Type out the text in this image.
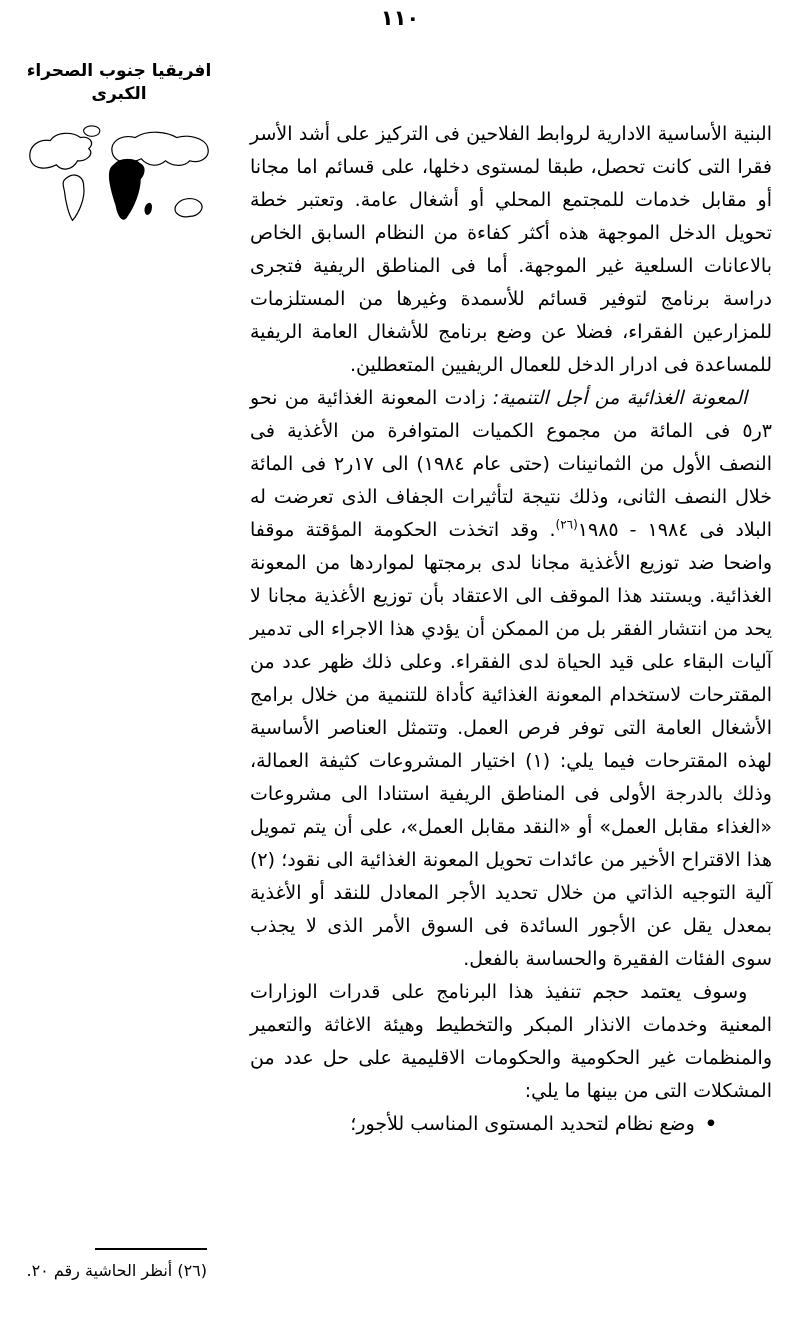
١١٠
افريقيا جنوب الصحراء
الكبرى

البنية الأساسية الادارية لروابط الفلاحين فى التركيز على أشد الأسر فقرا التى كانت تحصل، طبقا لمستوى دخلها، على قسائم اما مجانا أو مقابل خدمات للمجتمع المحلي أو أشغال عامة. وتعتبر خطة تحويل الدخل الموجهة هذه أكثر كفاءة من النظام السابق الخاص بالاعانات السلعية غير الموجهة. أما فى المناطق الريفية فتجرى دراسة برنامج لتوفير قسائم للأسمدة وغيرها من المستلزمات للمزارعين الفقراء، فضلا عن وضع برنامج للأشغال العامة الريفية للمساعدة فى ادرار الدخل للعمال الريفيين المتعطلين.

المعونة الغذائية من أجل التنمية: زادت المعونة الغذائية من نحو ٣ر٥ فى المائة من مجموع الكميات المتوافرة من الأغذية فى النصف الأول من الثمانينات (حتى عام ١٩٨٤) الى ١٧ر٢ فى المائة خلال النصف الثانى، وذلك نتيجة لتأثيرات الجفاف الذى تعرضت له البلاد فى ١٩٨٤ - ١٩٨٥$^{(٢٦)}$. وقد اتخذت الحكومة المؤقتة موقفا واضحا ضد توزيع الأغذية مجانا لدى برمجتها لمواردها من المعونة الغذائية. ويستند هذا الموقف الى الاعتقاد بأن توزيع الأغذية مجانا لا يحد من انتشار الفقر بل من الممكن أن يؤدي هذا الاجراء الى تدمير آليات البقاء على قيد الحياة لدى الفقراء. وعلى ذلك ظهر عدد من المقترحات لاستخدام المعونة الغذائية كأداة للتنمية من خلال برامج الأشغال العامة التى توفر فرص العمل. وتتمثل العناصر الأساسية لهذه المقترحات فيما يلي: (١) اختيار المشروعات كثيفة العمالة، وذلك بالدرجة الأولى فى المناطق الريفية استنادا الى مشروعات «الغذاء مقابل العمل» أو «النقد مقابل العمل»، على أن يتم تمويل هذا الاقتراح الأخير من عائدات تحويل المعونة الغذائية الى نقود؛ (٢) آلية التوجيه الذاتي من خلال تحديد الأجر المعادل للنقد أو الأغذية بمعدل يقل عن الأجور السائدة فى السوق الأمر الذى لا يجذب سوى الفئات الفقيرة والحساسة بالفعل.

وسوف يعتمد حجم تنفيذ هذا البرنامج على قدرات الوزارات المعنية وخدمات الانذار المبكر والتخطيط وهيئة الاغاثة والتعمير والمنظمات غير الحكومية والحكومات الاقليمية على حل عدد من المشكلات التى من بينها ما يلي:

•
وضع نظام لتحديد المستوى المناسب للأجور؛
(٢٦) أنظر الحاشية رقم ٢٠.
